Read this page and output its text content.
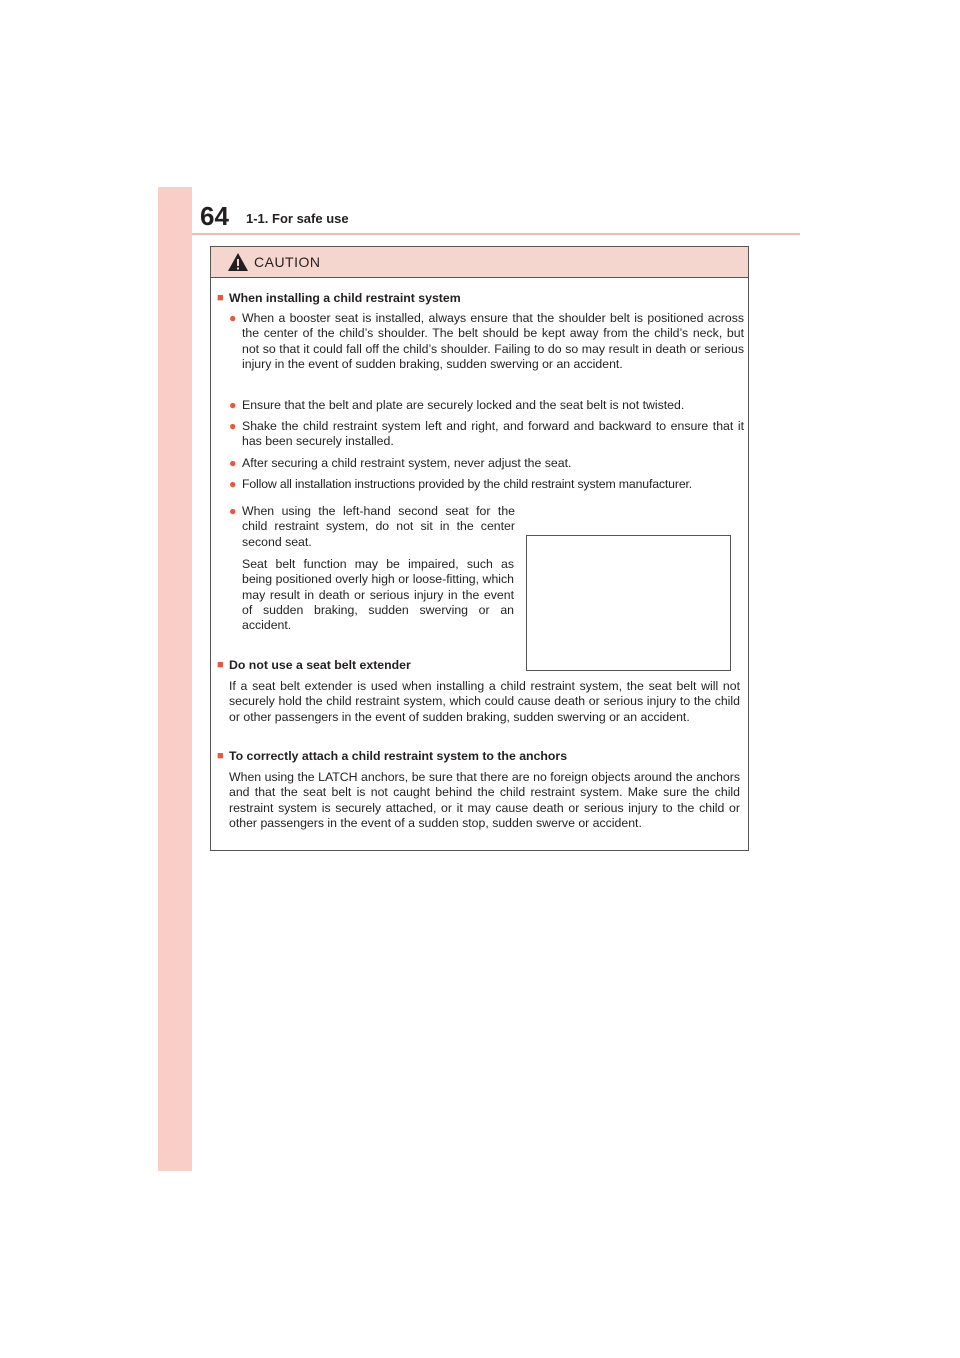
64 1-1. For safe use
CAUTION
■ When installing a child restraint system
● When a booster seat is installed, always ensure that the shoulder belt is positioned across the center of the child’s shoulder. The belt should be kept away from the child’s neck, but not so that it could fall off the child’s shoulder. Failing to do so may result in death or serious injury in the event of sudden braking, sudden swerving or an accident.
● Ensure that the belt and plate are securely locked and the seat belt is not twisted.
● Shake the child restraint system left and right, and forward and backward to ensure that it has been securely installed.
● After securing a child restraint system, never adjust the seat.
● Follow all installation instructions provided by the child restraint system manufacturer.
● When using the left-hand second seat for the child restraint system, do not sit in the center second seat.
Seat belt function may be impaired, such as being positioned overly high or loose-fitting, which may result in death or serious injury in the event of sudden braking, sudden swerving or an accident.
■ Do not use a seat belt extender
If a seat belt extender is used when installing a child restraint system, the seat belt will not securely hold the child restraint system, which could cause death or serious injury to the child or other passengers in the event of sudden braking, sudden swerving or an accident.
■ To correctly attach a child restraint system to the anchors
When using the LATCH anchors, be sure that there are no foreign objects around the anchors and that the seat belt is not caught behind the child restraint system. Make sure the child restraint system is securely attached, or it may cause death or serious injury to the child or other passengers in the event of a sudden stop, sudden swerve or accident.
